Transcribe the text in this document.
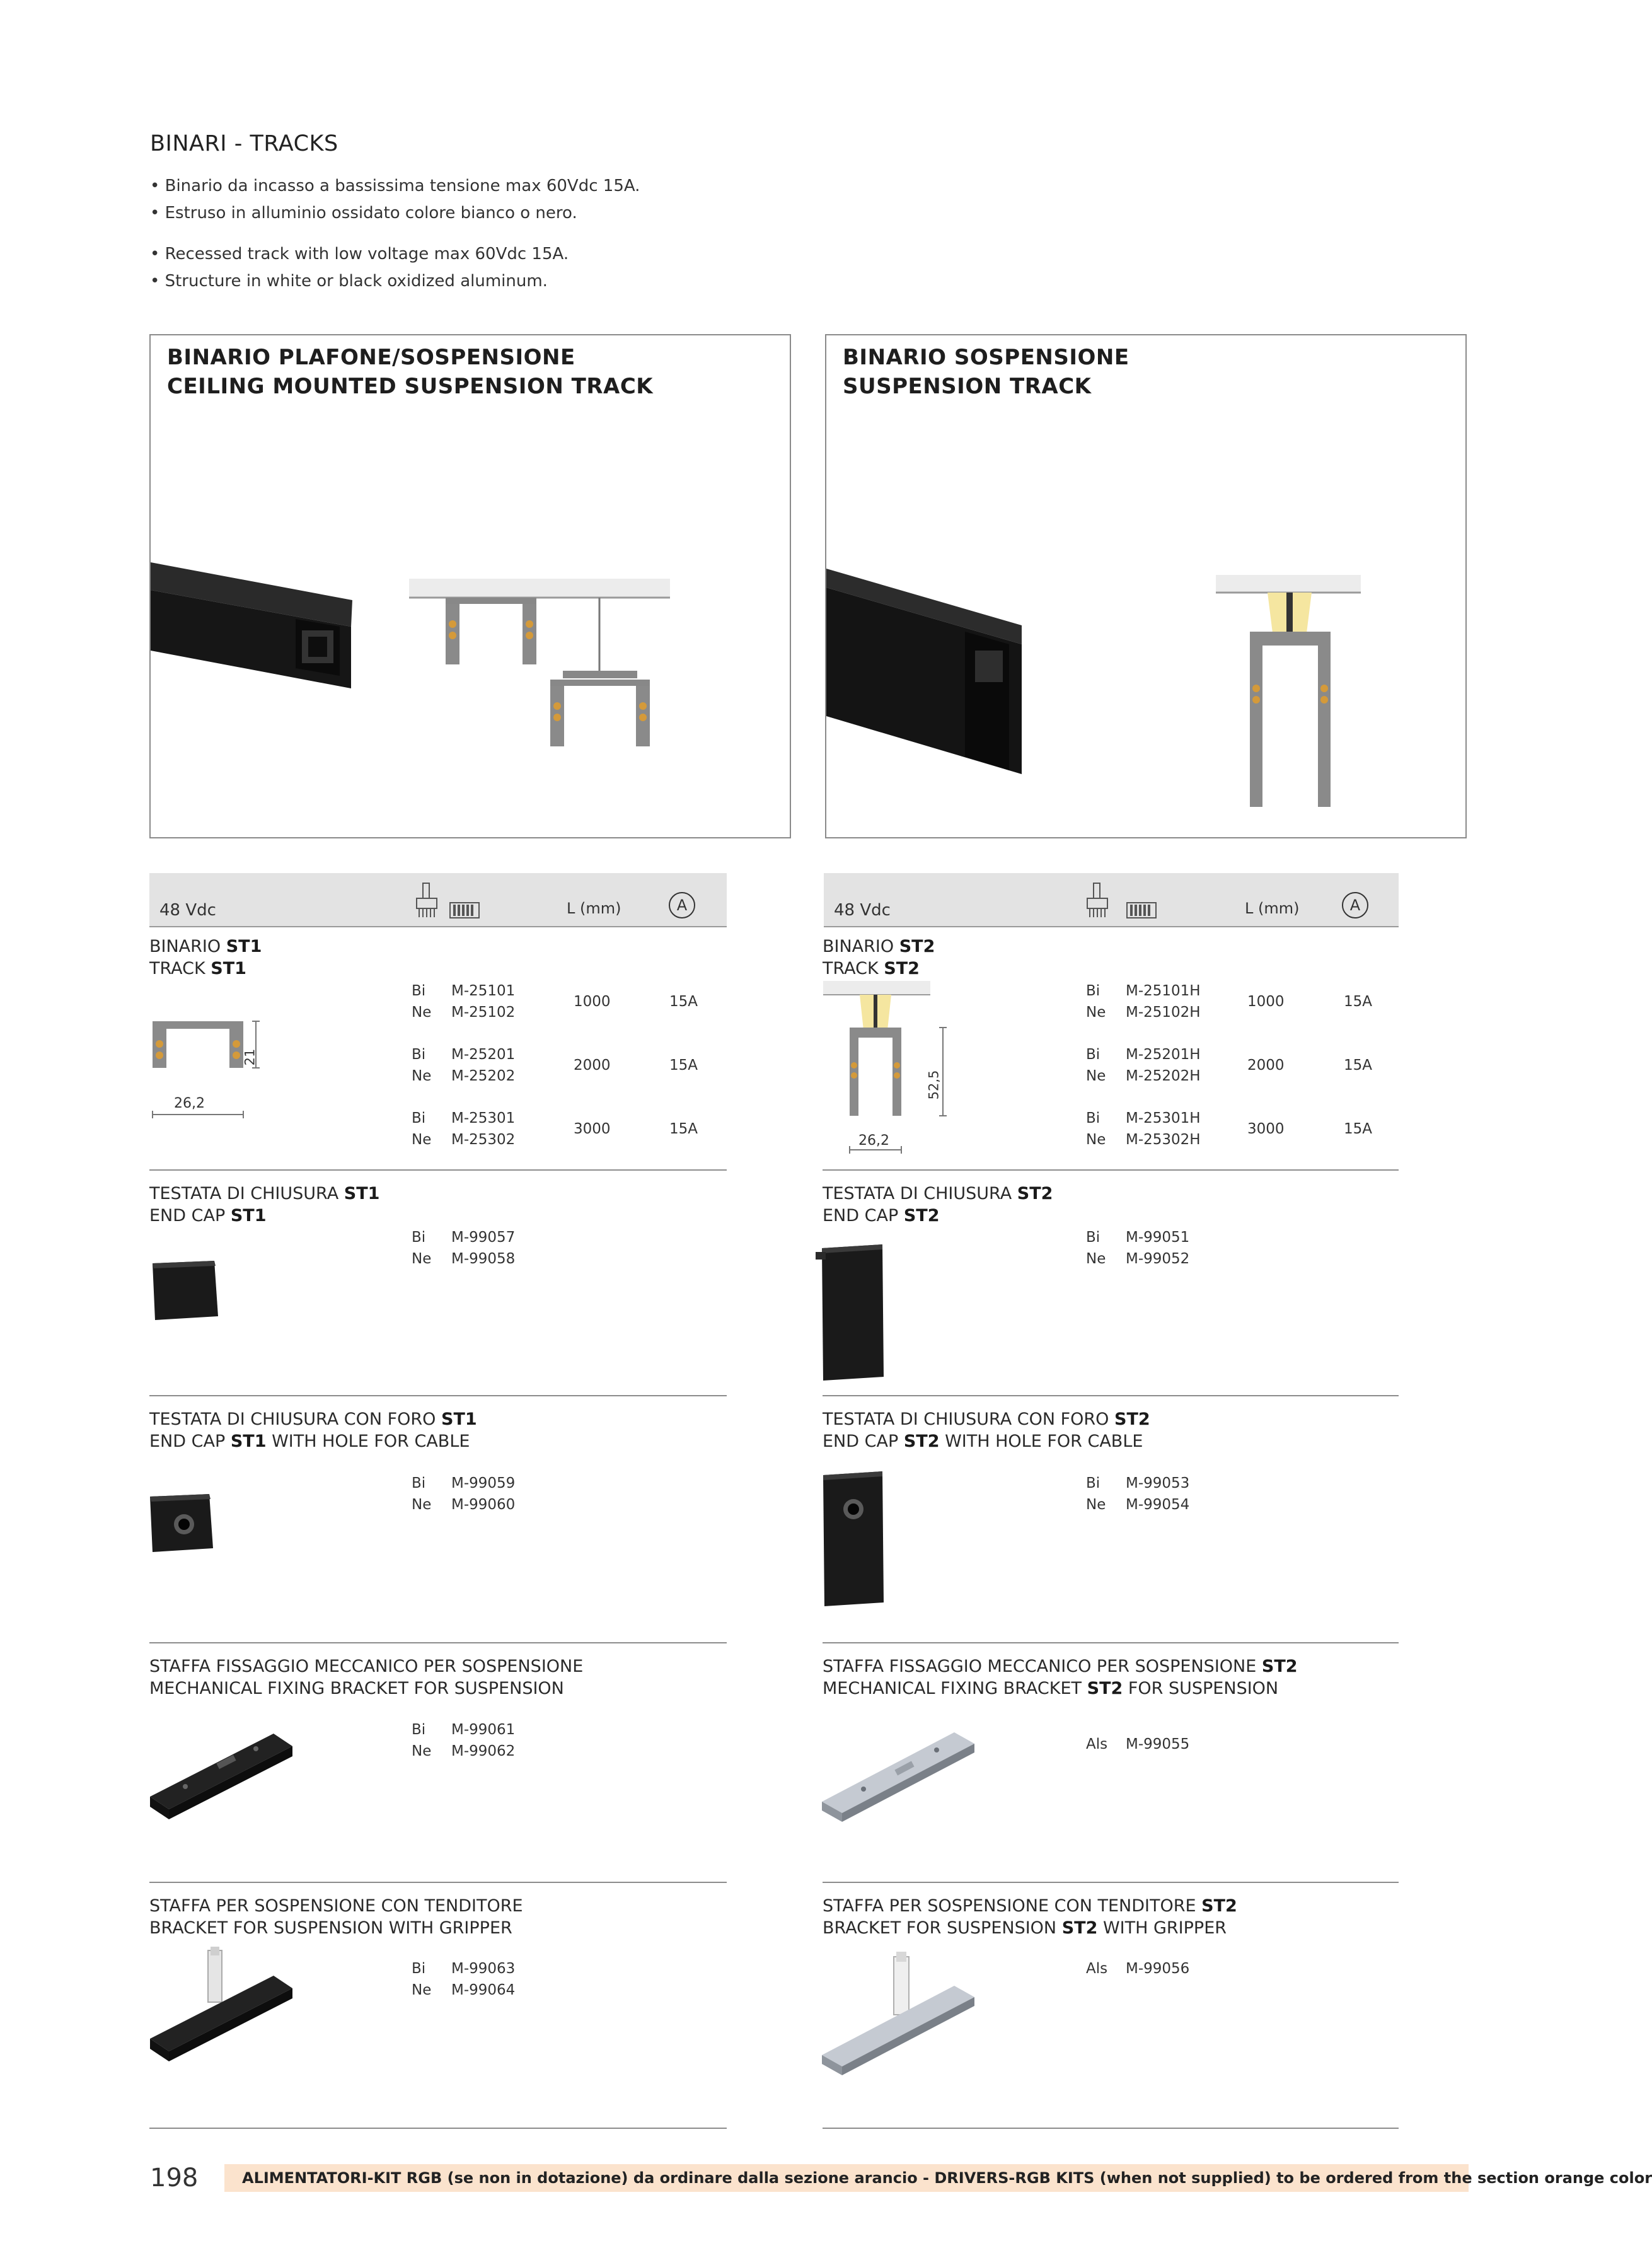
BINARI - TRACKS
• Binario da incasso a bassissima tensione max 60Vdc 15A.
• Estruso in alluminio ossidato colore bianco o nero.
• Recessed track with low voltage max 60Vdc 15A.
• Structure in white or black oxidized aluminum.
BINARIO PLAFONE/SOSPENSIONE
CEILING MOUNTED SUSPENSION TRACK
BINARIO SOSPENSIONE
SUSPENSION TRACK
48 Vdc	L (mm)	A	48 Vdc	L (mm)	A
BINARIO ST1
TRACK ST1
21
26,2
Bi M-25101
Ne M-25102
1000	15A
Bi M-25201
Ne M-25202
2000	15A
Bi M-25301
Ne M-25302
3000	15A
TESTATA DI CHIUSURA ST1
END CAP ST1
Bi M-99057
Ne M-99058
TESTATA DI CHIUSURA CON FORO ST1
END CAP ST1 WITH HOLE FOR CABLE
Bi M-99059
Ne M-99060
STAFFA FISSAGGIO MECCANICO PER SOSPENSIONE
MECHANICAL FIXING BRACKET FOR SUSPENSION
Bi M-99061
Ne M-99062
STAFFA PER SOSPENSIONE CON TENDITORE
BRACKET FOR SUSPENSION WITH GRIPPER
Bi M-99063
Ne M-99064
BINARIO ST2
TRACK ST2
52,5
26,2
Bi M-25101H
Ne M-25102H
1000	15A
Bi M-25201H
Ne M-25202H
2000	15A
Bi M-25301H
Ne M-25302H
3000	15A
TESTATA DI CHIUSURA ST2
END CAP ST2
Bi M-99051
Ne M-99052
TESTATA DI CHIUSURA CON FORO ST2
END CAP ST2 WITH HOLE FOR CABLE
Bi M-99053
Ne M-99054
STAFFA FISSAGGIO MECCANICO PER SOSPENSIONE ST2
MECHANICAL FIXING BRACKET ST2 FOR SUSPENSION
Als M-99055
STAFFA PER SOSPENSIONE CON TENDITORE ST2
BRACKET FOR SUSPENSION ST2 WITH GRIPPER
Als M-99056
198	ALIMENTATORI-KIT RGB (se non in dotazione) da ordinare dalla sezione arancio - DRIVERS-RGB KITS (when not supplied) to be ordered from the section orange color
